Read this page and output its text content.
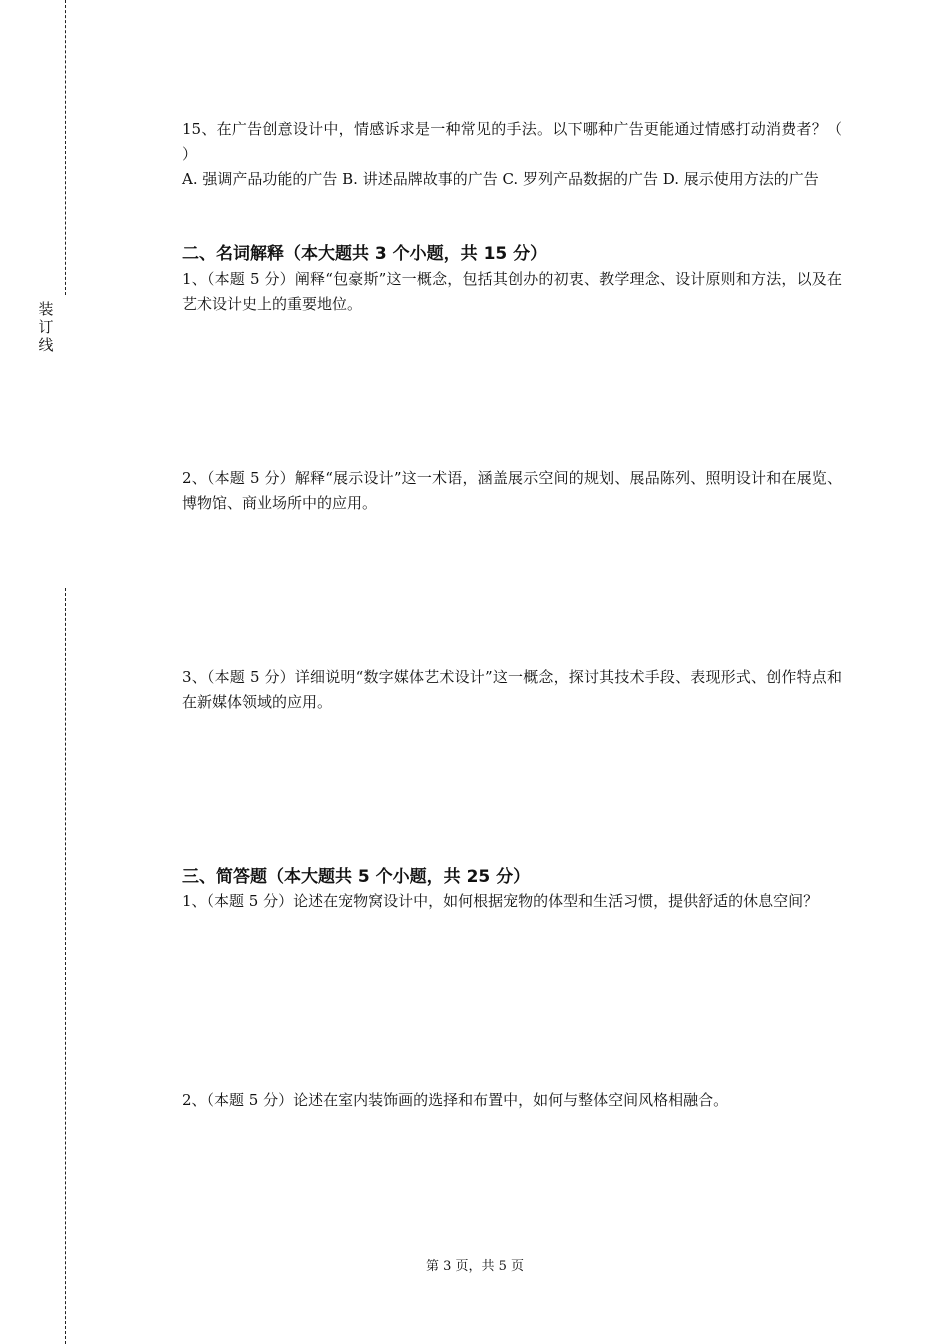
装订线
15、在广告创意设计中，情感诉求是一种常见的手法。以下哪种广告更能通过情感打动消费者？（ ）
A. 强调产品功能的广告 B. 讲述品牌故事的广告 C. 罗列产品数据的广告 D. 展示使用方法的广告
二、名词解释（本大题共 3 个小题，共 15 分）
1、（本题 5 分）阐释“包豪斯”这一概念，包括其创办的初衷、教学理念、设计原则和方法，以及在艺术设计史上的重要地位。
2、（本题 5 分）解释“展示设计”这一术语，涵盖展示空间的规划、展品陈列、照明设计和在展览、博物馆、商业场所中的应用。
3、（本题 5 分）详细说明“数字媒体艺术设计”这一概念，探讨其技术手段、表现形式、创作特点和在新媒体领域的应用。
三、简答题（本大题共 5 个小题，共 25 分）
1、（本题 5 分）论述在宠物窝设计中，如何根据宠物的体型和生活习惯，提供舒适的休息空间？
2、（本题 5 分）论述在室内装饰画的选择和布置中，如何与整体空间风格相融合。
第 3 页，共 5 页
